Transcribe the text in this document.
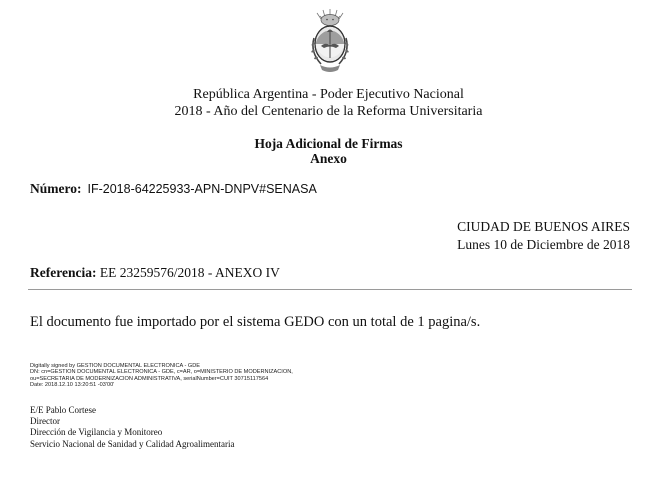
República Argentina - Poder Ejecutivo Nacional
2018 - Año del Centenario de la Reforma Universitaria
Hoja Adicional de Firmas
Anexo
Número: IF-2018-64225933-APN-DNPV#SENASA
CIUDAD DE BUENOS AIRES
Lunes 10 de Diciembre de 2018
Referencia: EE 23259576/2018 - ANEXO IV
El documento fue importado por el sistema GEDO con un total de 1 pagina/s.
Digitally signed by GESTION DOCUMENTAL ELECTRONICA - GDE
DN: cn=GESTION DOCUMENTAL ELECTRONICA - GDE, c=AR, o=MINISTERIO DE MODERNIZACION,
ou=SECRETARIA DE MODERNIZACION ADMINISTRATIVA, serialNumber=CUIT 30715117564
Date: 2018.12.10 13:20:51 -03'00'
E/E Pablo Cortese
Director
Dirección de Vigilancia y Monitoreo
Servicio Nacional de Sanidad y Calidad Agroalimentaria
